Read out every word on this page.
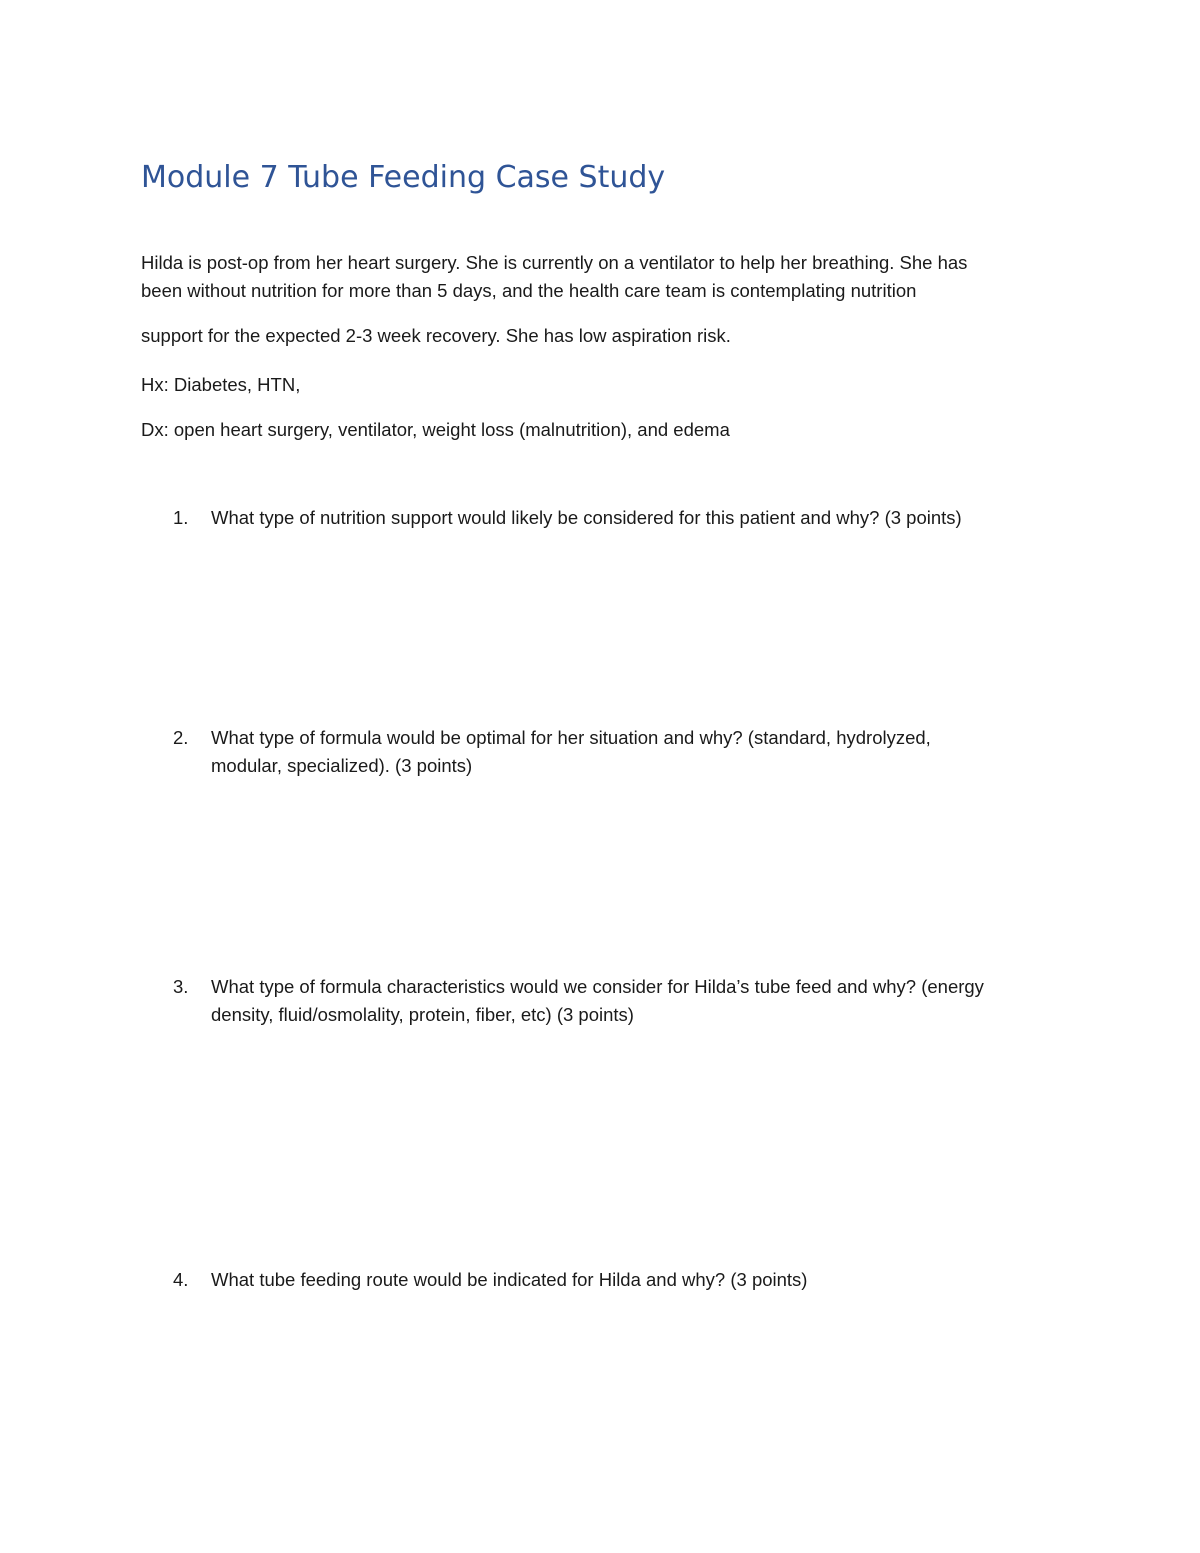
Module 7 Tube Feeding Case Study

Hilda is post-op from her heart surgery. She is currently on a ventilator to help her breathing. She has

been without nutrition for more than 5 days, and the health care team is contemplating nutrition

support for the expected 2-3 week recovery. She has low aspiration risk.

Hx: Diabetes, HTN,

Dx: open heart surgery, ventilator, weight loss (malnutrition), and edema

1. What type of nutrition support would likely be considered for this patient and why? (3 points)
2. What type of formula would be optimal for her situation and why? (standard, hydrolyzed,
modular, specialized). (3 points)
3. What type of formula characteristics would we consider for Hilda’s tube feed and why? (energy
density, fluid/osmolality, protein, fiber, etc) (3 points)
4. What tube feeding route would be indicated for Hilda and why? (3 points)
